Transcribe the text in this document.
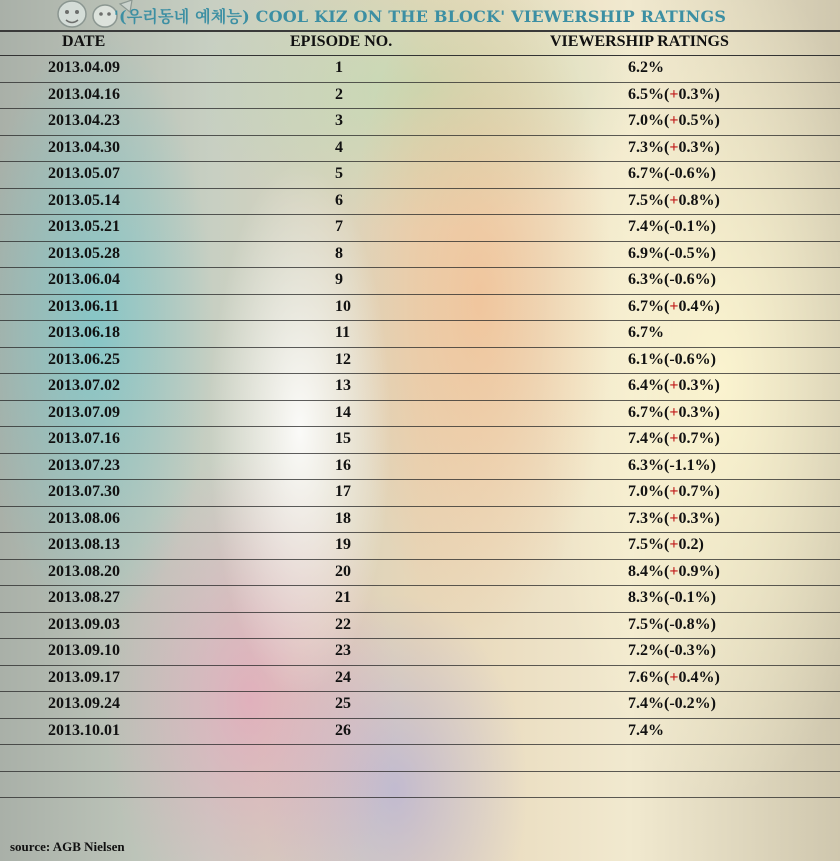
'(우리동네 예체능) COOL KIZ ON THE BLOCK' VIEWERSHIP RATINGS
DATE	EPISODE NO.	VIEWERSHIP RATINGS
2013.04.09	1	6.2%
2013.04.16	2	6.5%(+0.3%)
2013.04.23	3	7.0%(+0.5%)
2013.04.30	4	7.3%(+0.3%)
2013.05.07	5	6.7%(-0.6%)
2013.05.14	6	7.5%(+0.8%)
2013.05.21	7	7.4%(-0.1%)
2013.05.28	8	6.9%(-0.5%)
2013.06.04	9	6.3%(-0.6%)
2013.06.11	10	6.7%(+0.4%)
2013.06.18	11	6.7%
2013.06.25	12	6.1%(-0.6%)
2013.07.02	13	6.4%(+0.3%)
2013.07.09	14	6.7%(+0.3%)
2013.07.16	15	7.4%(+0.7%)
2013.07.23	16	6.3%(-1.1%)
2013.07.30	17	7.0%(+0.7%)
2013.08.06	18	7.3%(+0.3%)
2013.08.13	19	7.5%(+0.2)
2013.08.20	20	8.4%(+0.9%)
2013.08.27	21	8.3%(-0.1%)
2013.09.03	22	7.5%(-0.8%)
2013.09.10	23	7.2%(-0.3%)
2013.09.17	24	7.6%(+0.4%)
2013.09.24	25	7.4%(-0.2%)
2013.10.01	26	7.4%
source: AGB Nielsen
